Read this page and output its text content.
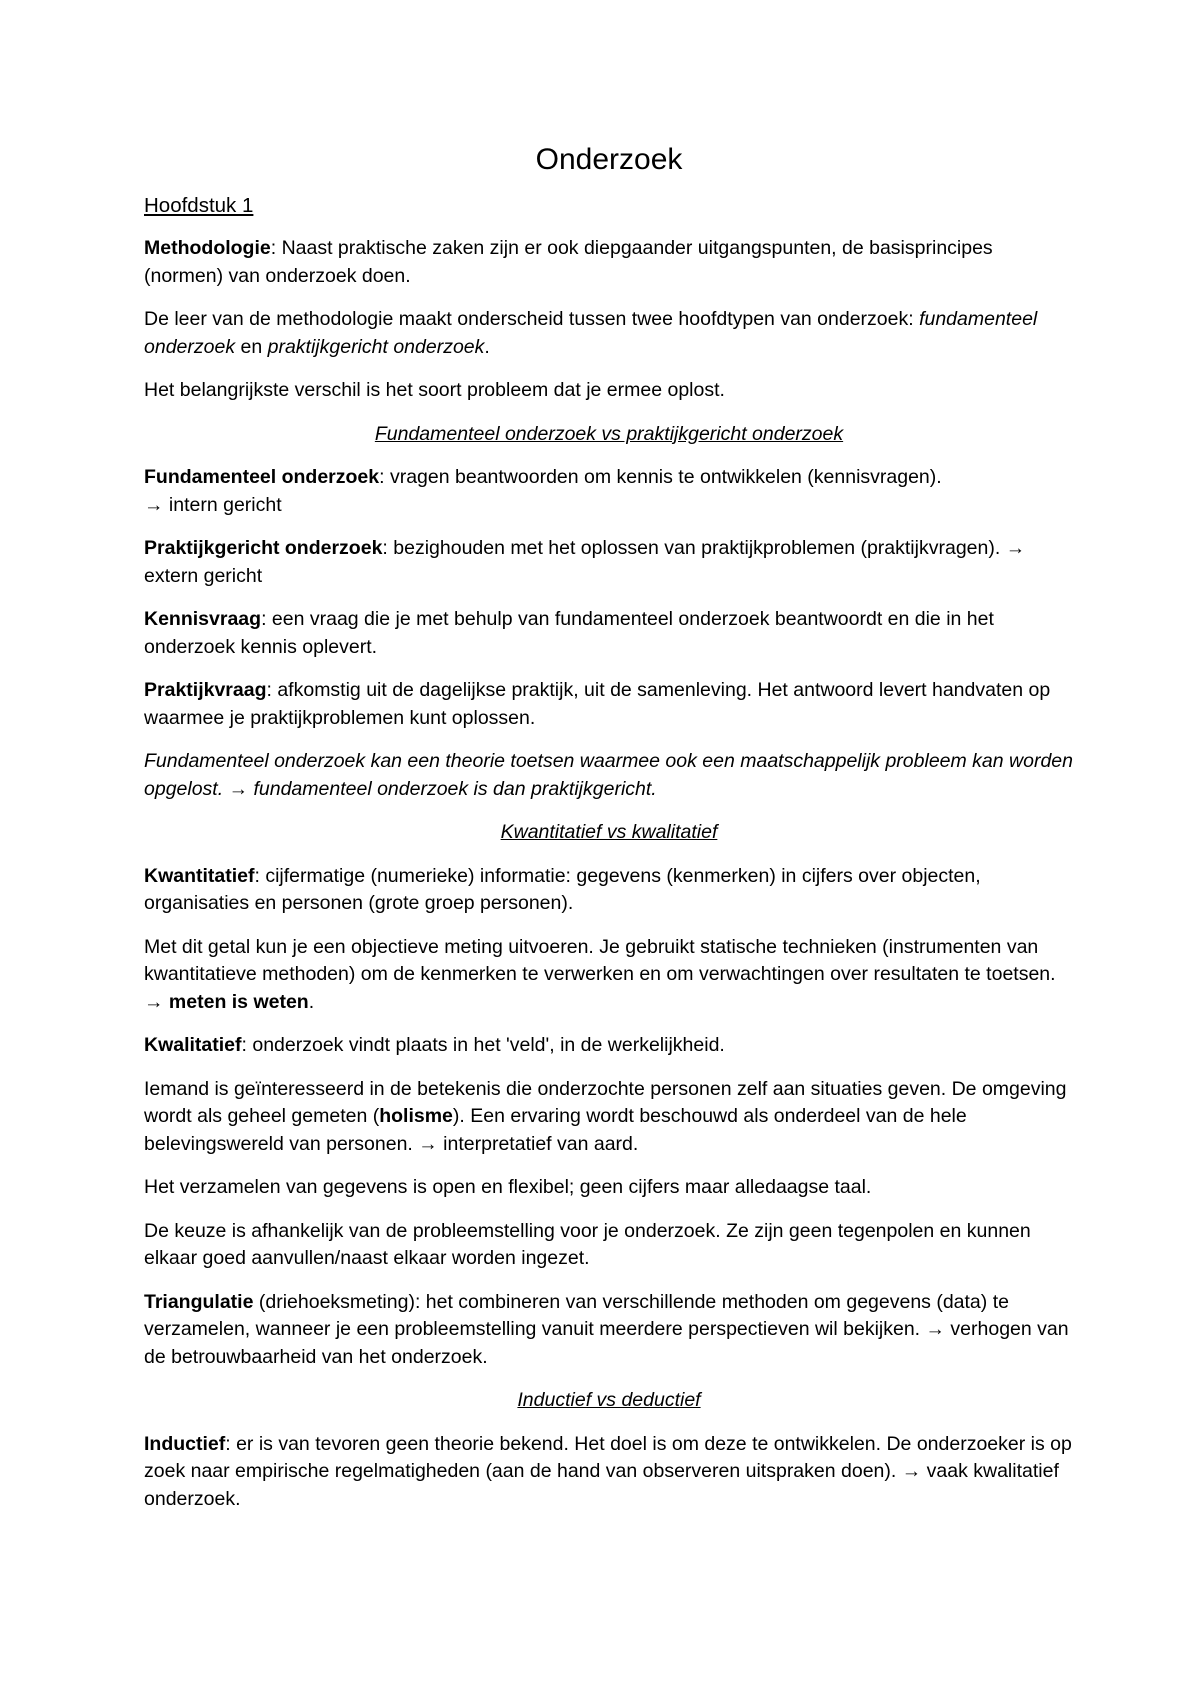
Onderzoek
Hoofdstuk 1

Methodologie: Naast praktische zaken zijn er ook diepgaander uitgangspunten, de basisprincipes (normen) van onderzoek doen.

De leer van de methodologie maakt onderscheid tussen twee hoofdtypen van onderzoek: fundamenteel onderzoek en praktijkgericht onderzoek.

Het belangrijkste verschil is het soort probleem dat je ermee oplost.

Fundamenteel onderzoek vs praktijkgericht onderzoek

Fundamenteel onderzoek: vragen beantwoorden om kennis te ontwikkelen (kennisvragen).
→ intern gericht

Praktijkgericht onderzoek: bezighouden met het oplossen van praktijkproblemen (praktijkvragen). → extern gericht

Kennisvraag: een vraag die je met behulp van fundamenteel onderzoek beantwoordt en die in het onderzoek kennis oplevert.

Praktijkvraag: afkomstig uit de dagelijkse praktijk, uit de samenleving. Het antwoord levert handvaten op waarmee je praktijkproblemen kunt oplossen.

Fundamenteel onderzoek kan een theorie toetsen waarmee ook een maatschappelijk probleem kan worden opgelost. → fundamenteel onderzoek is dan praktijkgericht.

Kwantitatief vs kwalitatief

Kwantitatief: cijfermatige (numerieke) informatie: gegevens (kenmerken) in cijfers over objecten, organisaties en personen (grote groep personen).

Met dit getal kun je een objectieve meting uitvoeren. Je gebruikt statische technieken (instrumenten van kwantitatieve methoden) om de kenmerken te verwerken en om verwachtingen over resultaten te toetsen. → meten is weten.

Kwalitatief: onderzoek vindt plaats in het 'veld', in de werkelijkheid.

Iemand is geïnteresseerd in de betekenis die onderzochte personen zelf aan situaties geven. De omgeving wordt als geheel gemeten (holisme). Een ervaring wordt beschouwd als onderdeel van de hele belevingswereld van personen. → interpretatief van aard.

Het verzamelen van gegevens is open en flexibel; geen cijfers maar alledaagse taal.

De keuze is afhankelijk van de probleemstelling voor je onderzoek. Ze zijn geen tegenpolen en kunnen elkaar goed aanvullen/naast elkaar worden ingezet.

Triangulatie (driehoeksmeting): het combineren van verschillende methoden om gegevens (data) te verzamelen, wanneer je een probleemstelling vanuit meerdere perspectieven wil bekijken. → verhogen van de betrouwbaarheid van het onderzoek.

Inductief vs deductief

Inductief: er is van tevoren geen theorie bekend. Het doel is om deze te ontwikkelen. De onderzoeker is op zoek naar empirische regelmatigheden (aan de hand van observeren uitspraken doen). → vaak kwalitatief onderzoek.
